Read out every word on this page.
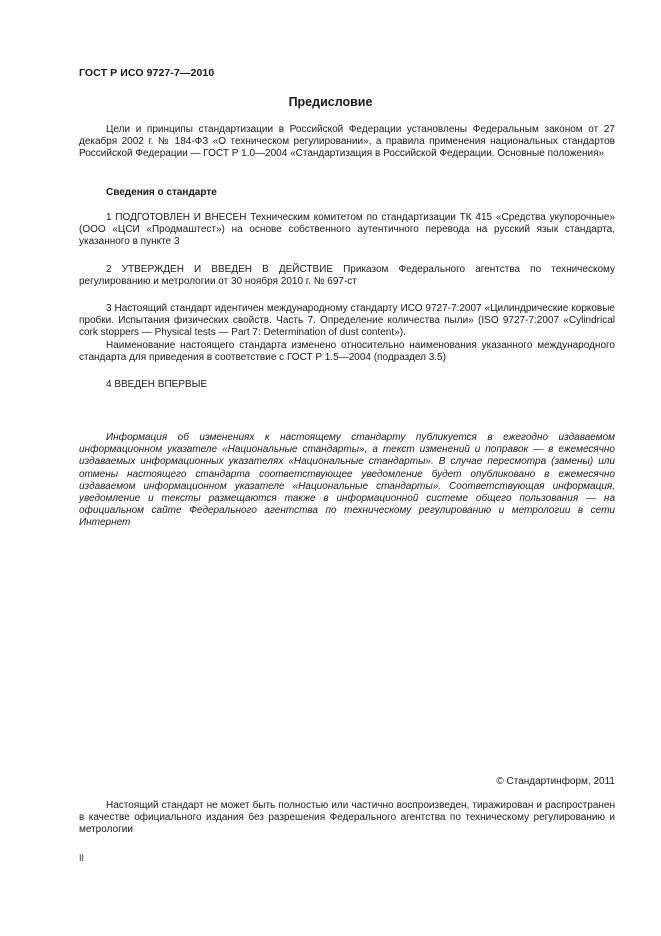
ГОСТ Р ИСО 9727-7—2010
Предисловие

Цели и принципы стандартизации в Российской Федерации установлены Федеральным законом от 27 декабря 2002 г. № 184-ФЗ «О техническом регулировании», а правила применения национальных стандартов Российской Федерации — ГОСТ Р 1.0—2004 «Стандартизация в Российской Федерации. Основные положения»

Сведения о стандарте

1 ПОДГОТОВЛЕН И ВНЕСЕН Техническим комитетом по стандартизации ТК 415 «Средства укупорочные» (ООО «ЦСИ «Продмаштест») на основе собственного аутентичного перевода на русский язык стандарта, указанного в пункте 3

2 УТВЕРЖДЕН И ВВЕДЕН В ДЕЙСТВИЕ Приказом Федерального агентства по техническому регулированию и метрологии от 30 ноября 2010 г. № 697-ст

3 Настоящий стандарт идентичен международному стандарту ИСО 9727-7:2007 «Цилиндрические корковые пробки. Испытания физических свойств. Часть 7. Определение количества пыли» (ISO 9727-7:2007 «Cylindrical cork stoppers — Physical tests — Part 7: Determination of dust content»).

Наименование настоящего стандарта изменено относительно наименования указанного международного стандарта для приведения в соответствие с ГОСТ Р 1.5—2004 (подраздел 3.5)

4 ВВЕДЕН ВПЕРВЫЕ

Информация об изменениях к настоящему стандарту публикуется в ежегодно издаваемом информационном указателе «Национальные стандарты», а текст изменений и поправок — в ежемесячно издаваемых информационных указателях «Национальные стандарты». В случае пересмотра (замены) или отмены настоящего стандарта соответствующее уведомление будет опубликовано в ежемесячно издаваемом информационном указателе «Национальные стандарты». Соответствующая информация, уведомление и тексты размещаются также в информационной системе общего пользования — на официальном сайте Федерального агентства по техническому регулированию и метрологии в сети Интернет

© Стандартинформ, 2011

Настоящий стандарт не может быть полностью или частично воспроизведен, тиражирован и распространен в качестве официального издания без разрешения Федерального агентства по техническому регулированию и метрологии

II
